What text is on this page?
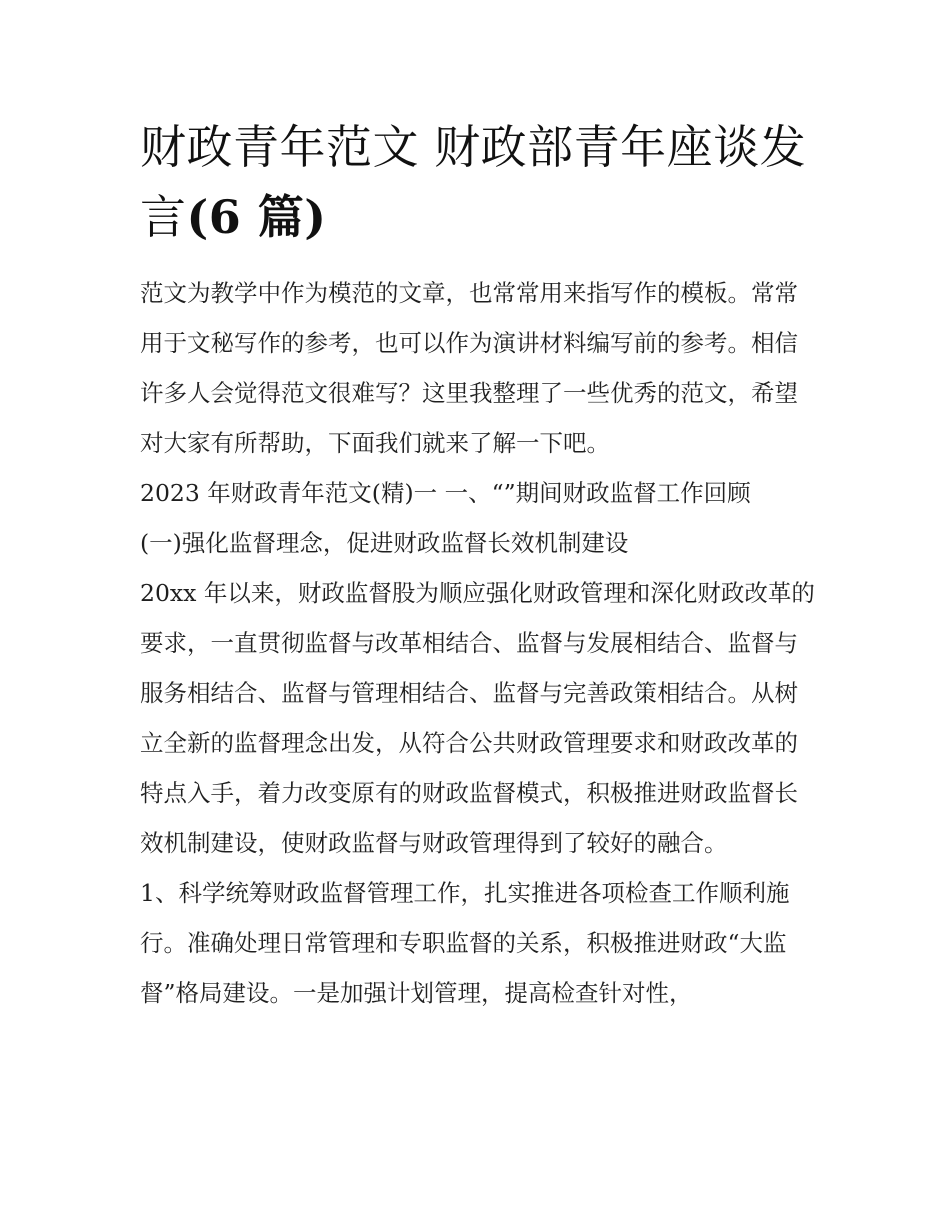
财政青年范文 财政部青年座谈发言(6 篇)

范文为教学中作为模范的文章，也常常用来指写作的模板。常常用于文秘写作的参考，也可以作为演讲材料编写前的参考。相信许多人会觉得范文很难写？这里我整理了一些优秀的范文，希望对大家有所帮助，下面我们就来了解一下吧。

2023 年财政青年范文(精)一 一、“”期间财政监督工作回顾

(一)强化监督理念，促进财政监督长效机制建设

20xx 年以来，财政监督股为顺应强化财政管理和深化财政改革的要求，一直贯彻监督与改革相结合、监督与发展相结合、监督与服务相结合、监督与管理相结合、监督与完善政策相结合。从树立全新的监督理念出发，从符合公共财政管理要求和财政改革的特点入手，着力改变原有的财政监督模式，积极推进财政监督长效机制建设，使财政监督与财政管理得到了较好的融合。

1、科学统筹财政监督管理工作，扎实推进各项检查工作顺利施行。准确处理日常管理和专职监督的关系，积极推进财政“大监督”格局建设。一是加强计划管理，提高检查针对性，
